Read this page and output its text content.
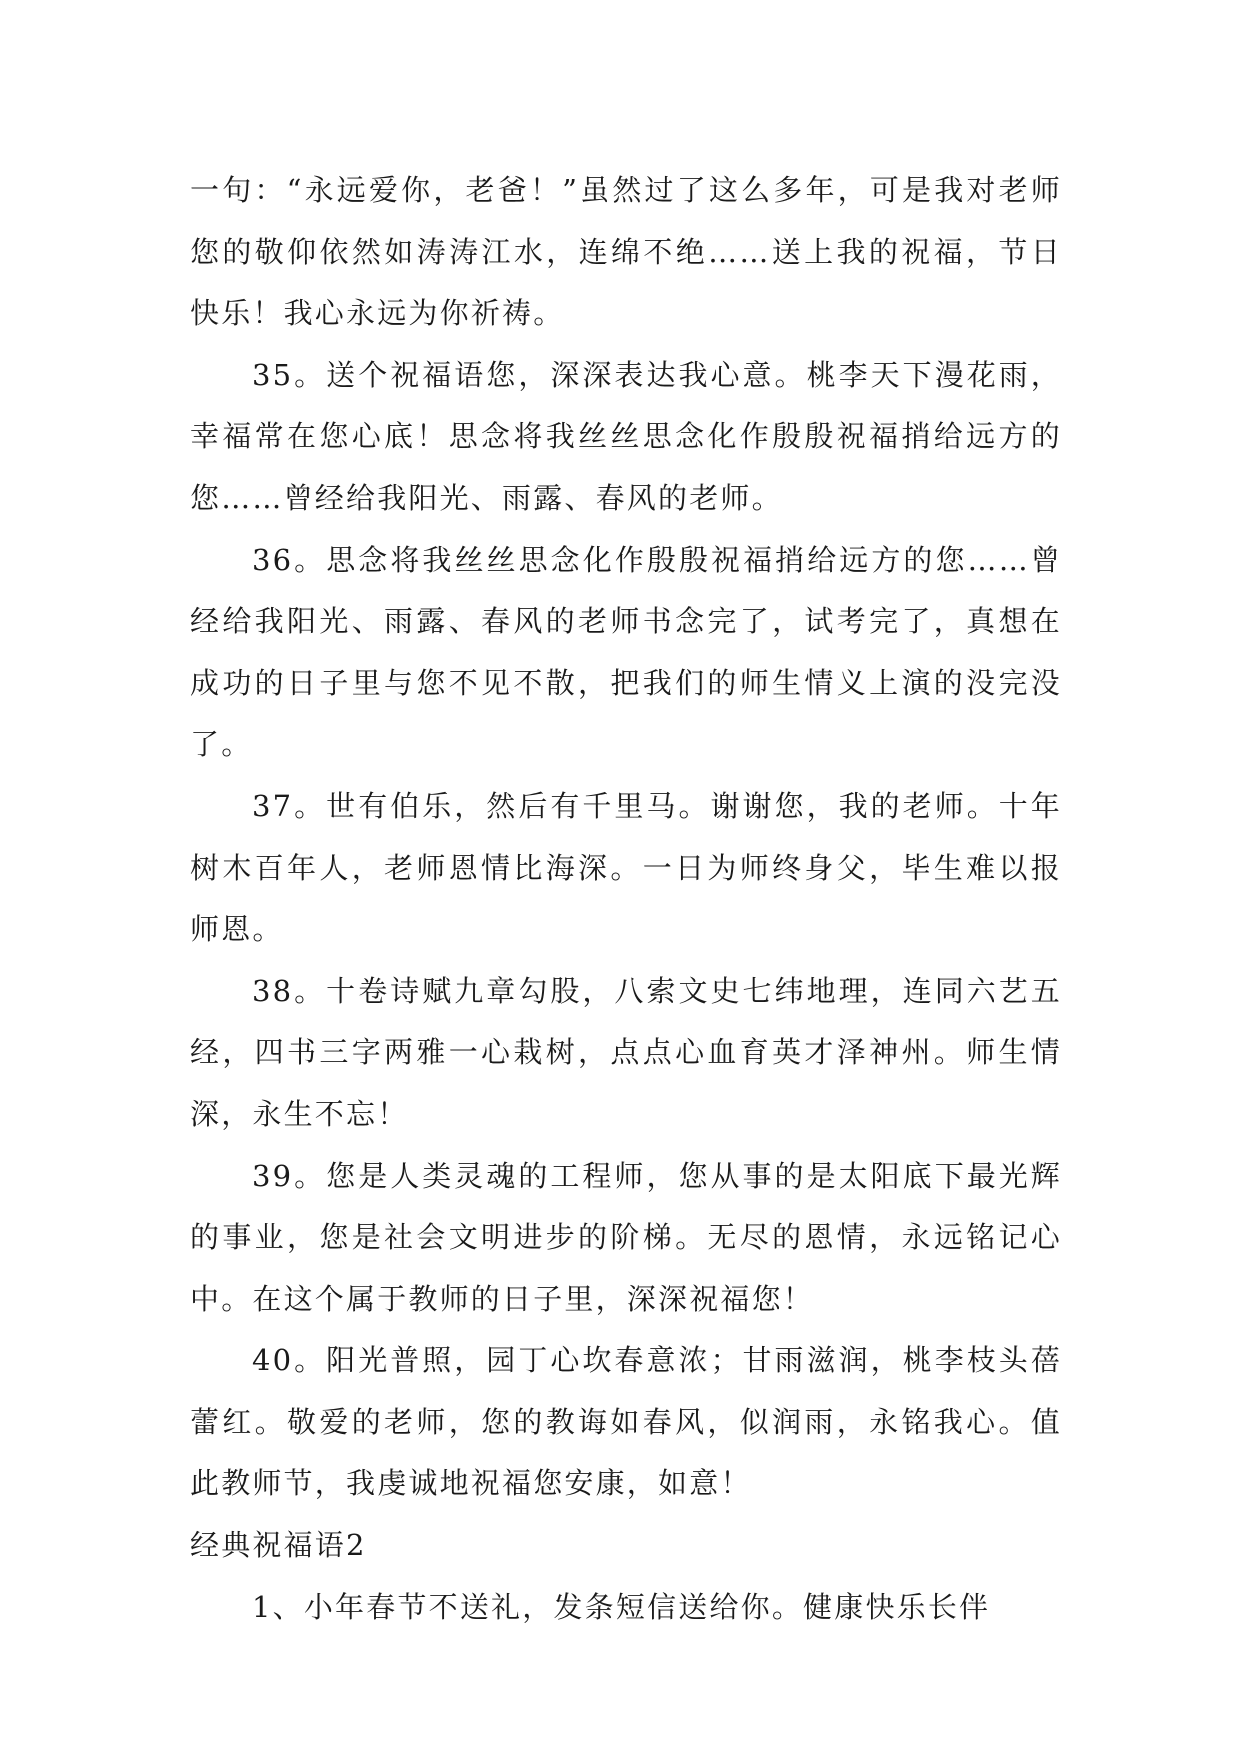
一句：“永远爱你，老爸！”虽然过了这么多年，可是我对老师您的敬仰依然如涛涛江水，连绵不绝……送上我的祝福，节日快乐！我心永远为你祈祷。

35。送个祝福语您，深深表达我心意。桃李天下漫花雨，幸福常在您心底！思念将我丝丝思念化作殷殷祝福捎给远方的您……曾经给我阳光、雨露、春风的老师。

36。思念将我丝丝思念化作殷殷祝福捎给远方的您……曾经给我阳光、雨露、春风的老师书念完了，试考完了，真想在成功的日子里与您不见不散，把我们的师生情义上演的没完没了。

37。世有伯乐，然后有千里马。谢谢您，我的老师。十年树木百年人，老师恩情比海深。一日为师终身父，毕生难以报师恩。

38。十卷诗赋九章勾股，八索文史七纬地理，连同六艺五经，四书三字两雅一心栽树，点点心血育英才泽神州。师生情深，永生不忘！

39。您是人类灵魂的工程师，您从事的是太阳底下最光辉的事业，您是社会文明进步的阶梯。无尽的恩情，永远铭记心中。在这个属于教师的日子里，深深祝福您！

40。阳光普照，园丁心坎春意浓；甘雨滋润，桃李枝头蓓蕾红。敬爱的老师，您的教诲如春风，似润雨，永铭我心。值此教师节，我虔诚地祝福您安康，如意！

经典祝福语2

1、小年春节不送礼，发条短信送给你。健康快乐长伴
